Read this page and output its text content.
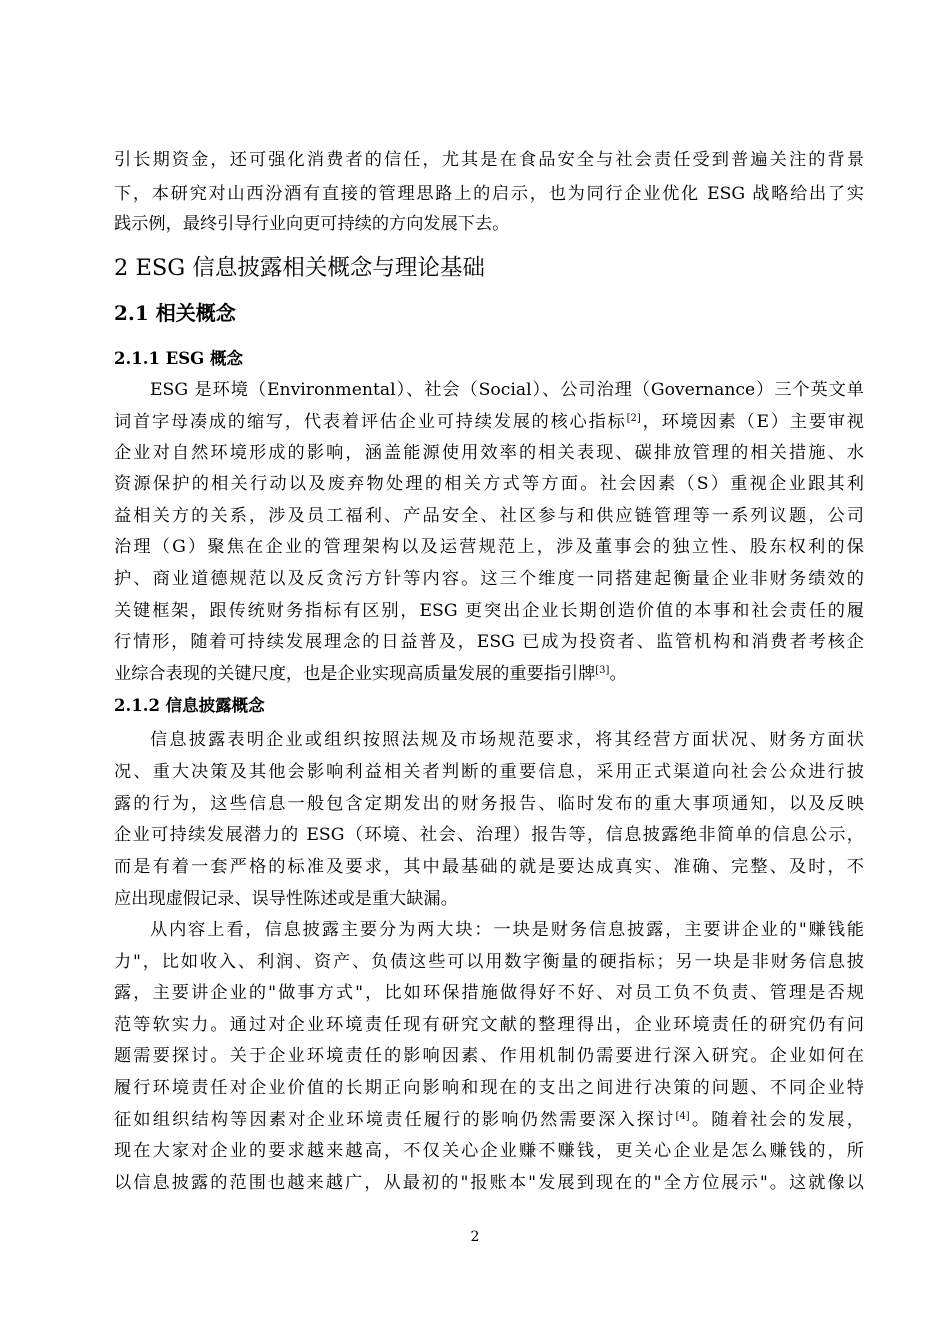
引长期资金，还可强化消费者的信任，尤其是在食品安全与社会责任受到普遍关注的背景
下，本研究对山西汾酒有直接的管理思路上的启示，也为同行企业优化 ESG 战略给出了实
践示例，最终引导行业向更可持续的方向发展下去。
2 ESG 信息披露相关概念与理论基础
2.1 相关概念
2.1.1 ESG 概念
ESG 是环境（Environmental）、社会（Social）、公司治理（Governance）三个英文单
词首字母凑成的缩写，代表着评估企业可持续发展的核心指标[2]，环境因素（E）主要审视
企业对自然环境形成的影响，涵盖能源使用效率的相关表现、碳排放管理的相关措施、水
资源保护的相关行动以及废弃物处理的相关方式等方面。社会因素（S）重视企业跟其利
益相关方的关系，涉及员工福利、产品安全、社区参与和供应链管理等一系列议题，公司
治理（G）聚焦在企业的管理架构以及运营规范上，涉及董事会的独立性、股东权利的保
护、商业道德规范以及反贪污方针等内容。这三个维度一同搭建起衡量企业非财务绩效的
关键框架，跟传统财务指标有区别，ESG 更突出企业长期创造价值的本事和社会责任的履
行情形，随着可持续发展理念的日益普及，ESG 已成为投资者、监管机构和消费者考核企
业综合表现的关键尺度，也是企业实现高质量发展的重要指引牌[3]。
2.1.2 信息披露概念
信息披露表明企业或组织按照法规及市场规范要求，将其经营方面状况、财务方面状
况、重大决策及其他会影响利益相关者判断的重要信息，采用正式渠道向社会公众进行披
露的行为，这些信息一般包含定期发出的财务报告、临时发布的重大事项通知，以及反映
企业可持续发展潜力的 ESG（环境、社会、治理）报告等，信息披露绝非简单的信息公示，
而是有着一套严格的标准及要求，其中最基础的就是要达成真实、准确、完整、及时，不
应出现虚假记录、误导性陈述或是重大缺漏。
从内容上看，信息披露主要分为两大块：一块是财务信息披露，主要讲企业的"赚钱能
力"，比如收入、利润、资产、负债这些可以用数字衡量的硬指标；另一块是非财务信息披
露，主要讲企业的"做事方式"，比如环保措施做得好不好、对员工负不负责、管理是否规
范等软实力。通过对企业环境责任现有研究文献的整理得出，企业环境责任的研究仍有问
题需要探讨。关于企业环境责任的影响因素、作用机制仍需要进行深入研究。企业如何在
履行环境责任对企业价值的长期正向影响和现在的支出之间进行决策的问题、不同企业特
征如组织结构等因素对企业环境责任履行的影响仍然需要深入探讨[4]。随着社会的发展，
现在大家对企业的要求越来越高，不仅关心企业赚不赚钱，更关心企业是怎么赚钱的，所
以信息披露的范围也越来越广，从最初的"报账本"发展到现在的"全方位展示"。这就像以
2
